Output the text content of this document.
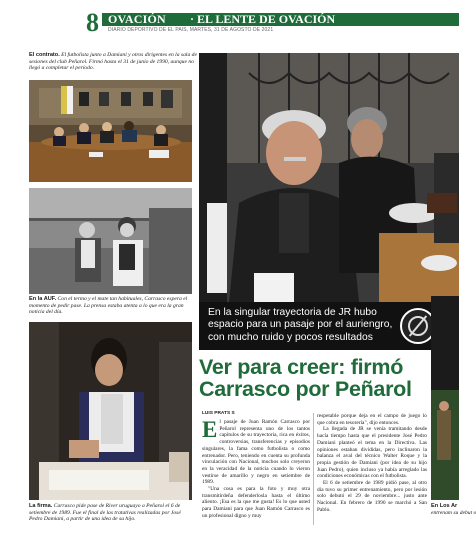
8 OVACIÓN · EL LENTE DE OVACIÓN
DIARIO DEPORTIVO DE EL PAIS, MARTES, 31 DE AGOSTO DE 2021
El contrato. El futbolista junto a Damiani y otros dirigentes en la sala de sesiones del club Peñarol. Firmó hasta el 31 de junio de 1990, aunque no llegó a completar el período.
En la AUF. Con el termo y el mate tan habituales, Carrasco espera el momento de pedir pase. La prensa estaba atenta a lo que era la gran noticia del día.
La firma. Carrasco pide pase de River uruguayo a Peñarol el 6 de setiembre de 1989. Fue el final de las tratativas realizadas por José Pedro Damiani, a partir de una idea de su hijo.
En la singular trayectoria de JR hubo espacio para un pasaje por el auriengro, con mucho ruido y pocos resultados
Ver para creer: firmó Carrasco por Peñarol
LUIS PRATS S

El pasaje de Juan Ramón Carrasco por Peñarol representa uno de los tantos capítulos de su trayectoria, rica en éxitos, controversias, transferencias y episodios singulares, la fama como futbolista o como entrenador. Pero, teniendo en cuenta su profunda vinculación con Nacional, muchos solo creyeron en la veracidad de la noticia cuando lo vieron vestirse de amarillo y negro en setiembre de 1989.

"Una cosa es para la foto y muy otra transmitirdeña defenderlosla hasta el último aliento. ¡Esa es la que me gusta! Es lo que usted para Damiani para que Juan Ramón Carrasco es un profesional digno y muy

respetable porque deja en el campo de juego lo que cobra en tesorería", dijo entonces.

La llegada de JR se venía tramitando desde hacía tiempo hasta que el presidente José Pedro Damiani planteó el tema en la Directiva. Las opiniones estaban divididas, pero inclinaron la balanza el aval del técnico Walter Roque y la propia gestión de Damiani (por idea de su hijo Juan Pedro), quien incluso ya había arreglado las condiciones económicas con el futbolista.

El 6 de setiembre de 1989 pidió pase, al otro día tuvo su primer entrenamiento, pero por lesión solo debutó el 29 de noviembre... justo ante Nacional. En febrero de 1990 se marchó a San Pablo.

En Los Ar
entrenam su debut o
